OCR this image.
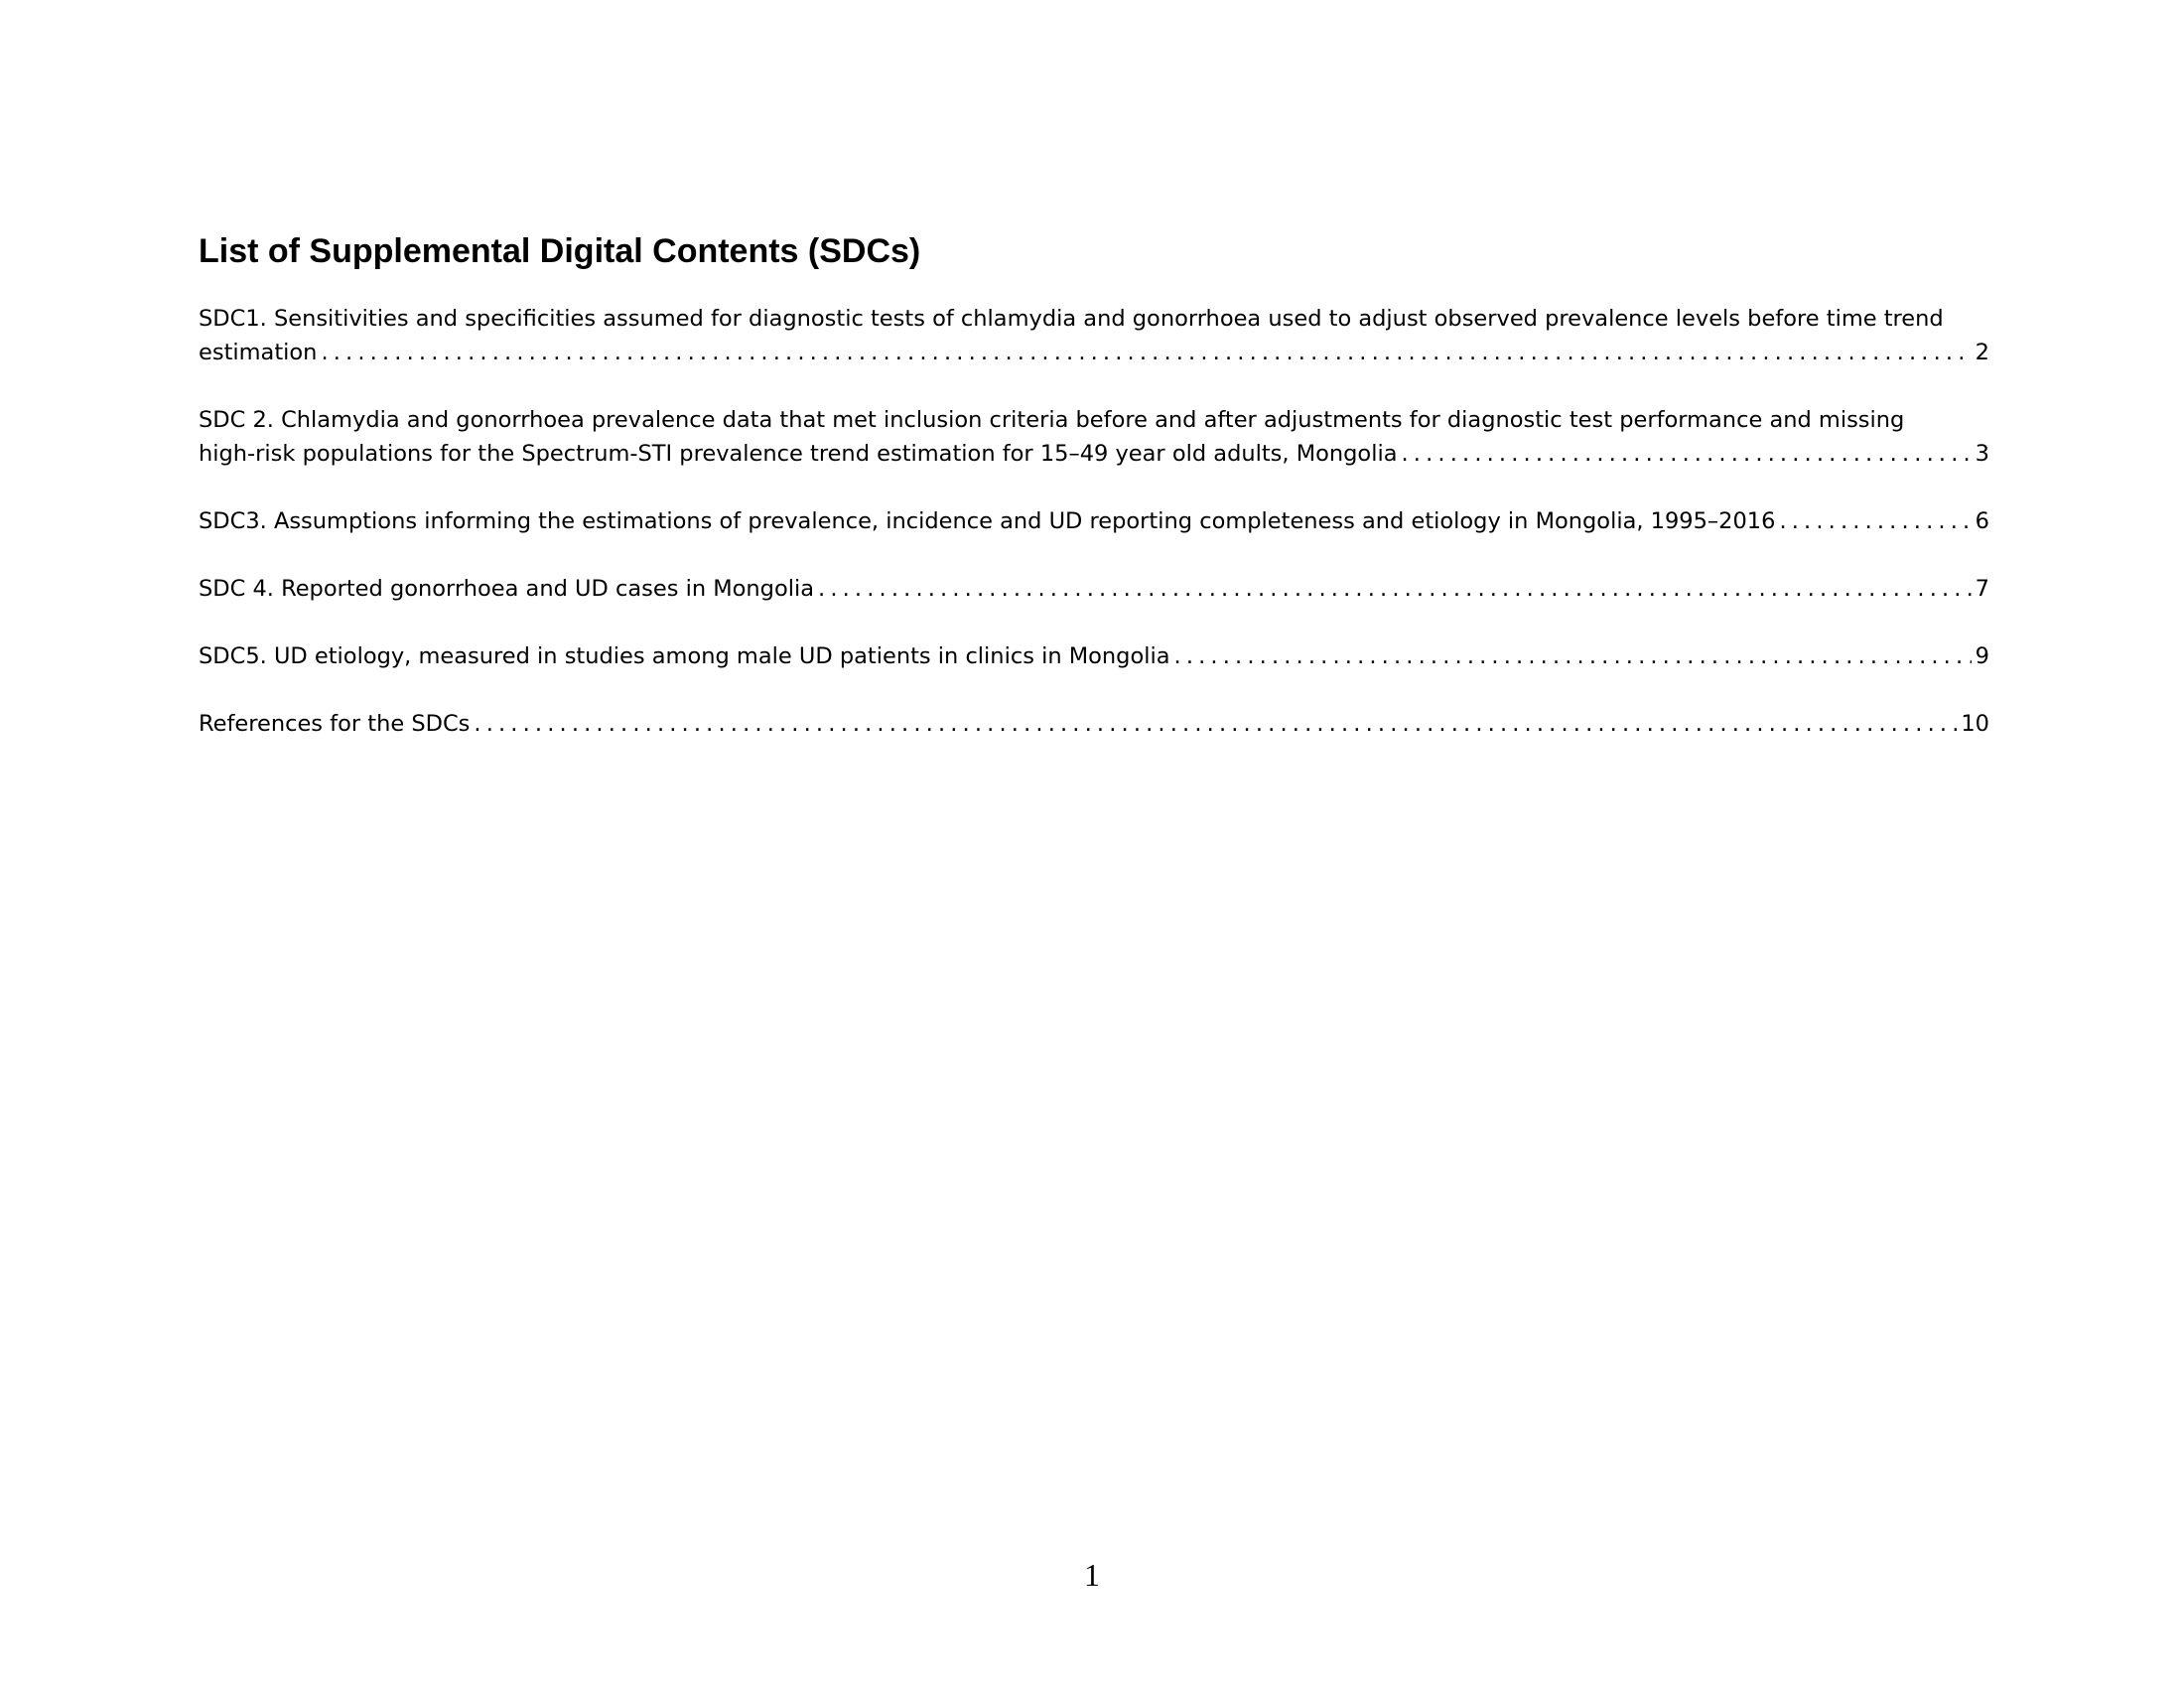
List of Supplemental Digital Contents (SDCs)
SDC1. Sensitivities and specificities assumed for diagnostic tests of chlamydia and gonorrhoea used to adjust observed prevalence levels before time trend
estimation . . .	2
SDC 2. Chlamydia and gonorrhoea prevalence data that met inclusion criteria before and after adjustments for diagnostic test performance and missing
high-risk populations for the Spectrum-STI prevalence trend estimation for 15–49 year old adults, Mongolia . . .	3
SDC3. Assumptions informing the estimations of prevalence, incidence and UD reporting completeness and etiology in Mongolia, 1995–2016 . . .	6
SDC 4. Reported gonorrhoea and UD cases in Mongolia . . .	7
SDC5. UD etiology, measured in studies among male UD patients in clinics in Mongolia . . .	9
References for the SDCs . . .	10
1
